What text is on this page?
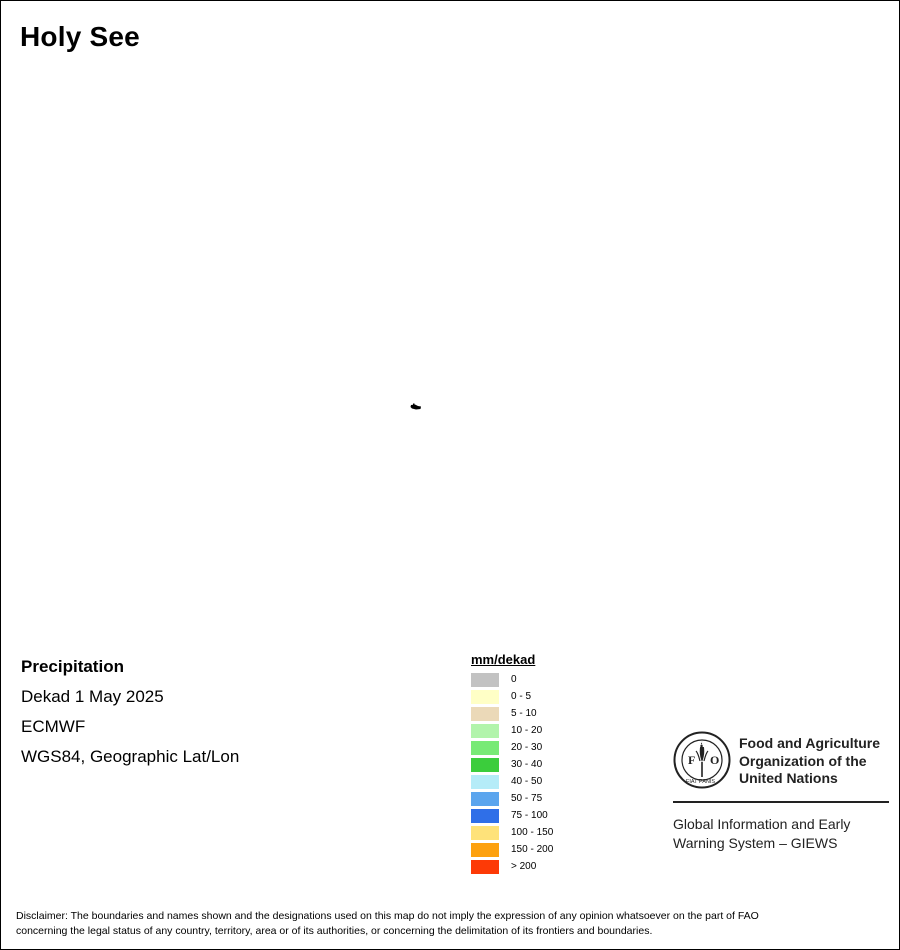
Holy See
Precipitation
Dekad 1 May 2025
ECMWF
WGS84, Geographic Lat/Lon
mm/dekad
0
0 - 5
5 - 10
10 - 20
20 - 30
30 - 40
40 - 50
50 - 75
75 - 100
100 - 150
150 - 200
> 200
F O
A
FIAT PANIS
Food and Agriculture
Organization of the
United Nations
Global Information and Early
Warning System – GIEWS
Disclaimer: The boundaries and names shown and the designations used on this map do not imply the expression of any opinion whatsoever on the part of FAO
concerning the legal status of any country, territory, area or of its authorities, or concerning the delimitation of its frontiers and boundaries.
